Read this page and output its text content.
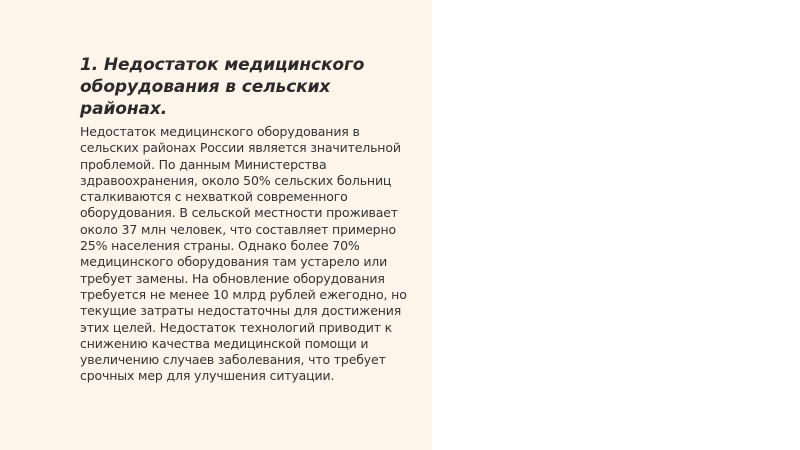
1. Недостаток медицинского оборудования в сельских районах.

Недостаток медицинского оборудования в сельских районах России является значительной проблемой. По данным Министерства здравоохранения, около 50% сельских больниц сталкиваются с нехваткой современного оборудования. В сельской местности проживает около 37 млн человек, что составляет примерно 25% населения страны. Однако более 70% медицинского оборудования там устарело или требует замены. На обновление оборудования требуется не менее 10 млрд рублей ежегодно, но текущие затраты недостаточны для достижения этих целей. Недостаток технологий приводит к снижению качества медицинской помощи и увеличению случаев заболевания, что требует срочных мер для улучшения ситуации.
